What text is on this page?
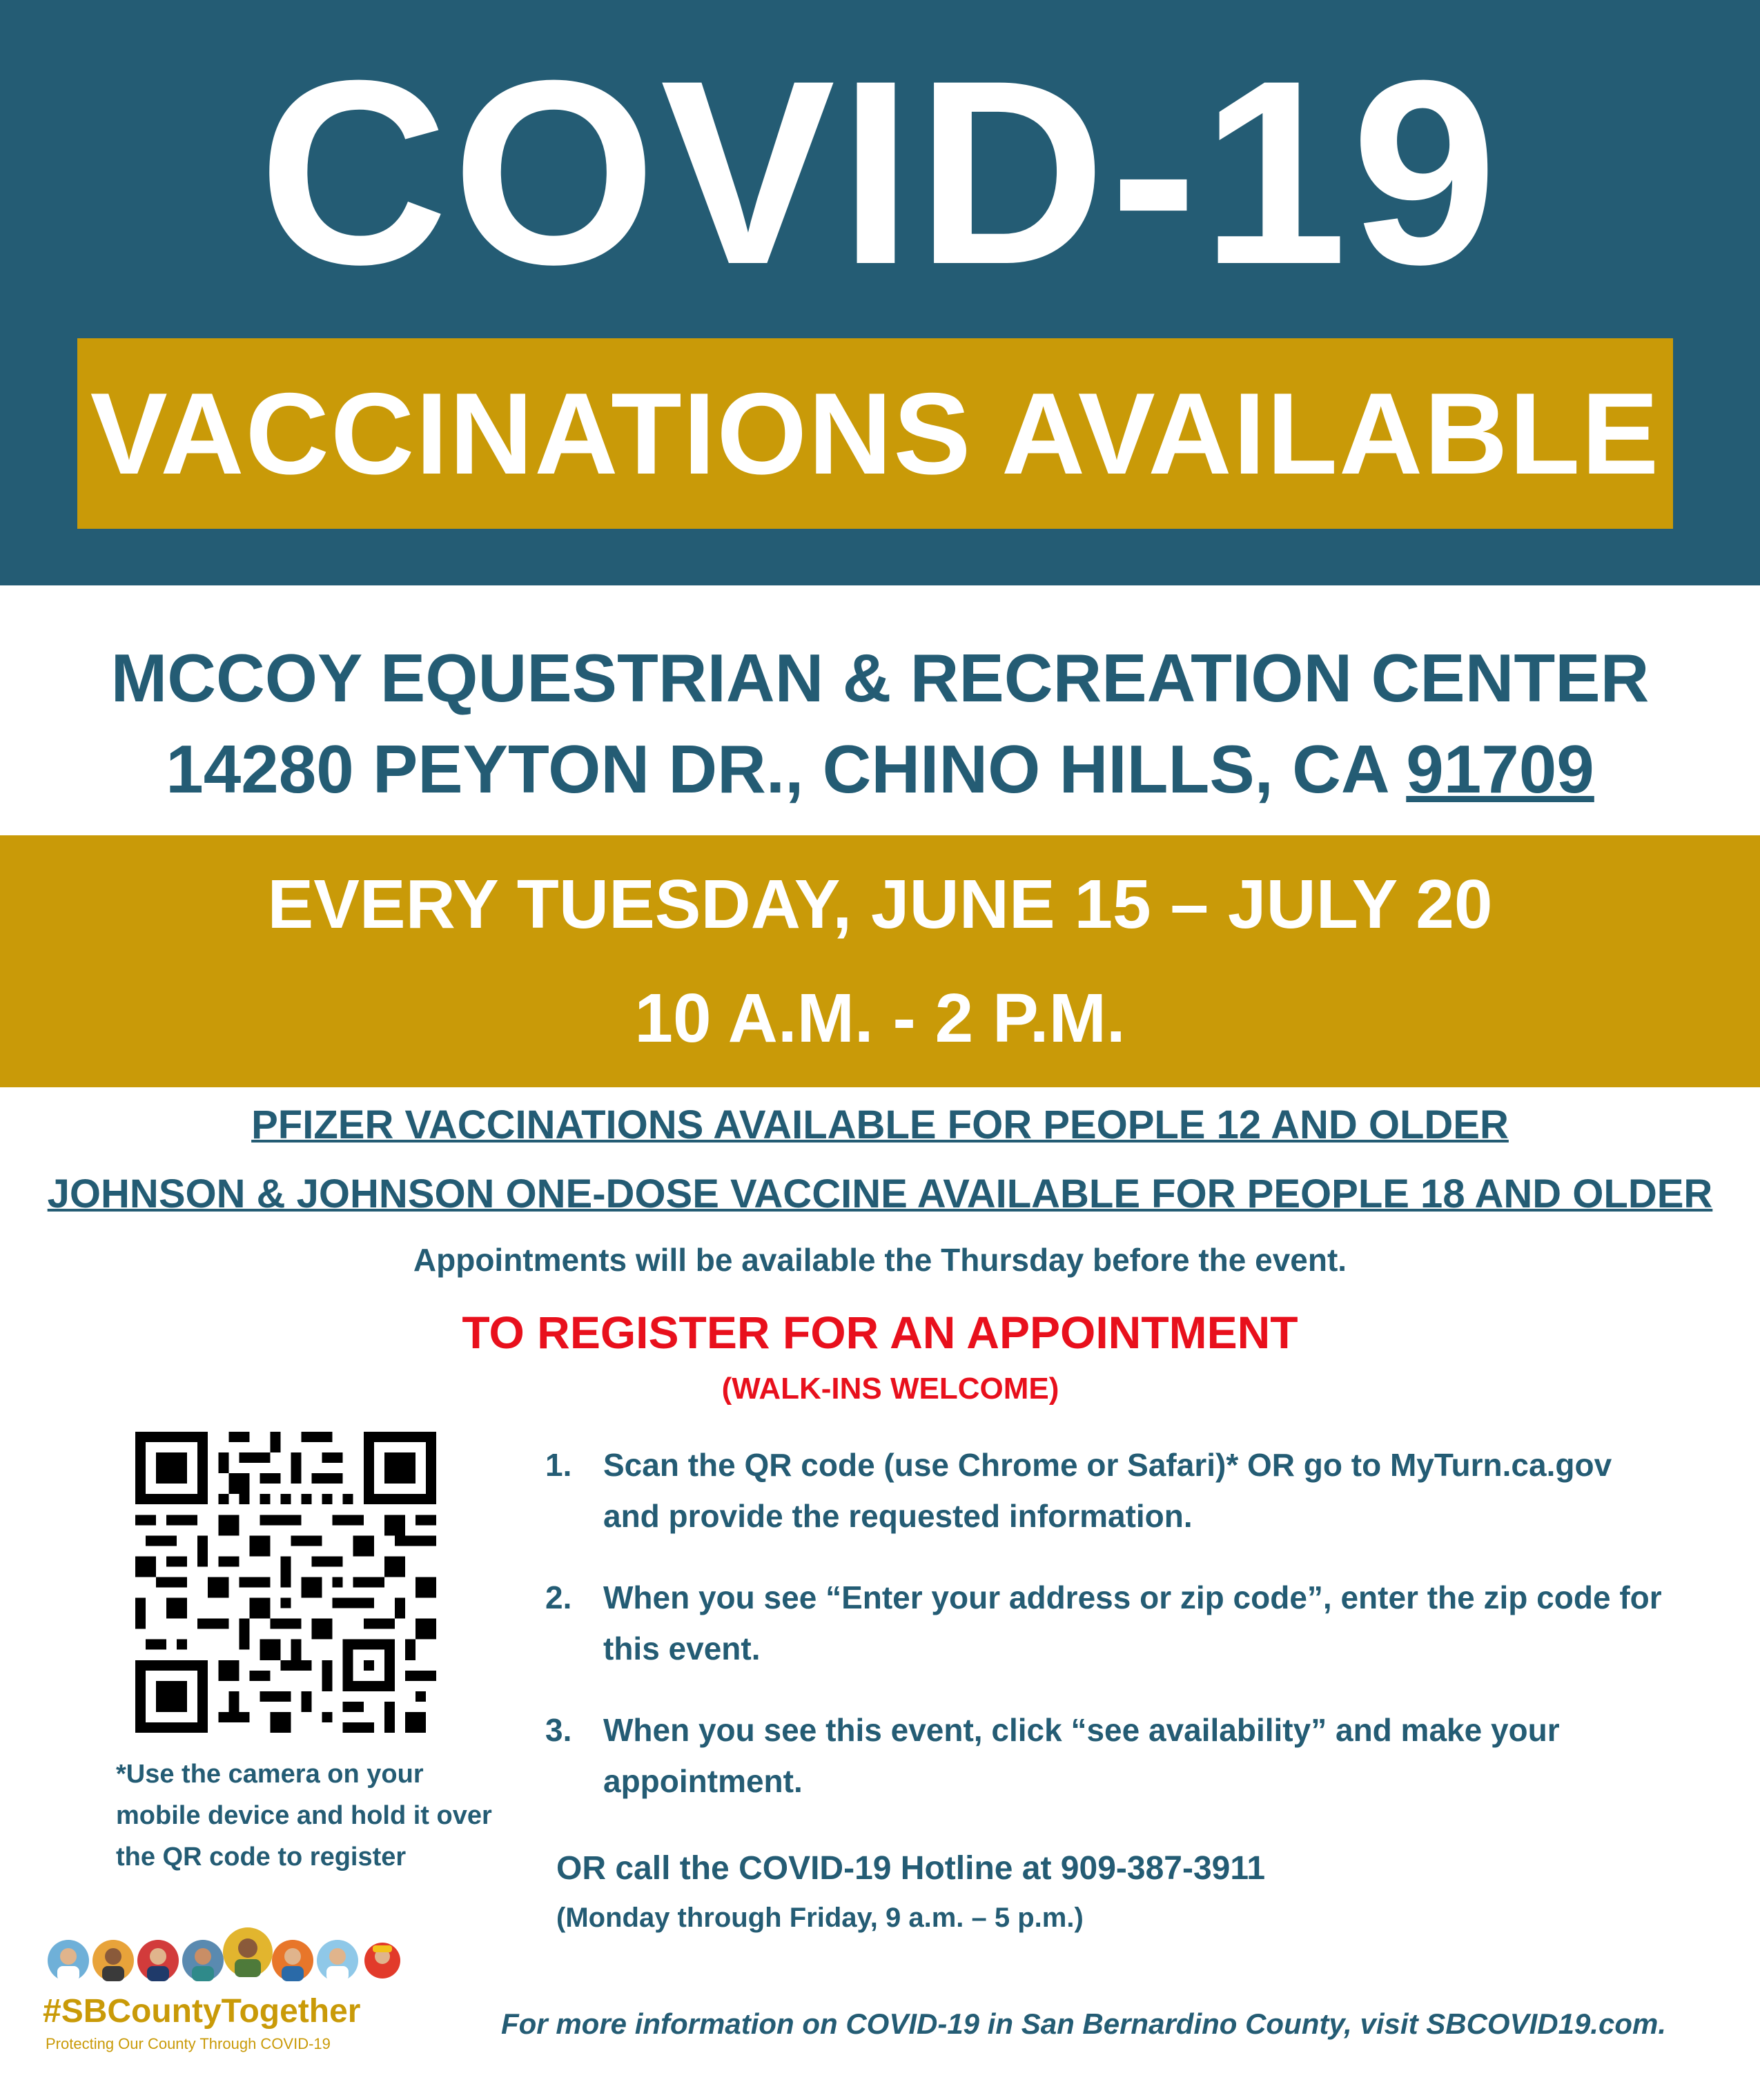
COVID-19
VACCINATIONS AVAILABLE
MCCOY EQUESTRIAN & RECREATION CENTER
14280 PEYTON DR., CHINO HILLS, CA 91709
EVERY TUESDAY, JUNE 15 – JULY 20
10 A.M. - 2 P.M.
PFIZER VACCINATIONS AVAILABLE FOR PEOPLE 12 AND OLDER
JOHNSON & JOHNSON ONE-DOSE VACCINE AVAILABLE FOR PEOPLE 18 AND OLDER
Appointments will be available the Thursday before the event.
TO REGISTER FOR AN APPOINTMENT
(WALK-INS WELCOME)
*Use the camera on your mobile device and hold it over the QR code to register
1. Scan the QR code (use Chrome or Safari)* OR go to MyTurn.ca.gov and provide the requested information.
2. When you see “Enter your address or zip code”, enter the zip code for this event.
3. When you see this event, click “see availability” and make your appointment.
OR call the COVID-19 Hotline at 909-387-3911
(Monday through Friday, 9 a.m. – 5 p.m.)
#SBCountyTogether
Protecting Our County Through COVID-19
For more information on COVID-19 in San Bernardino County, visit SBCOVID19.com.
